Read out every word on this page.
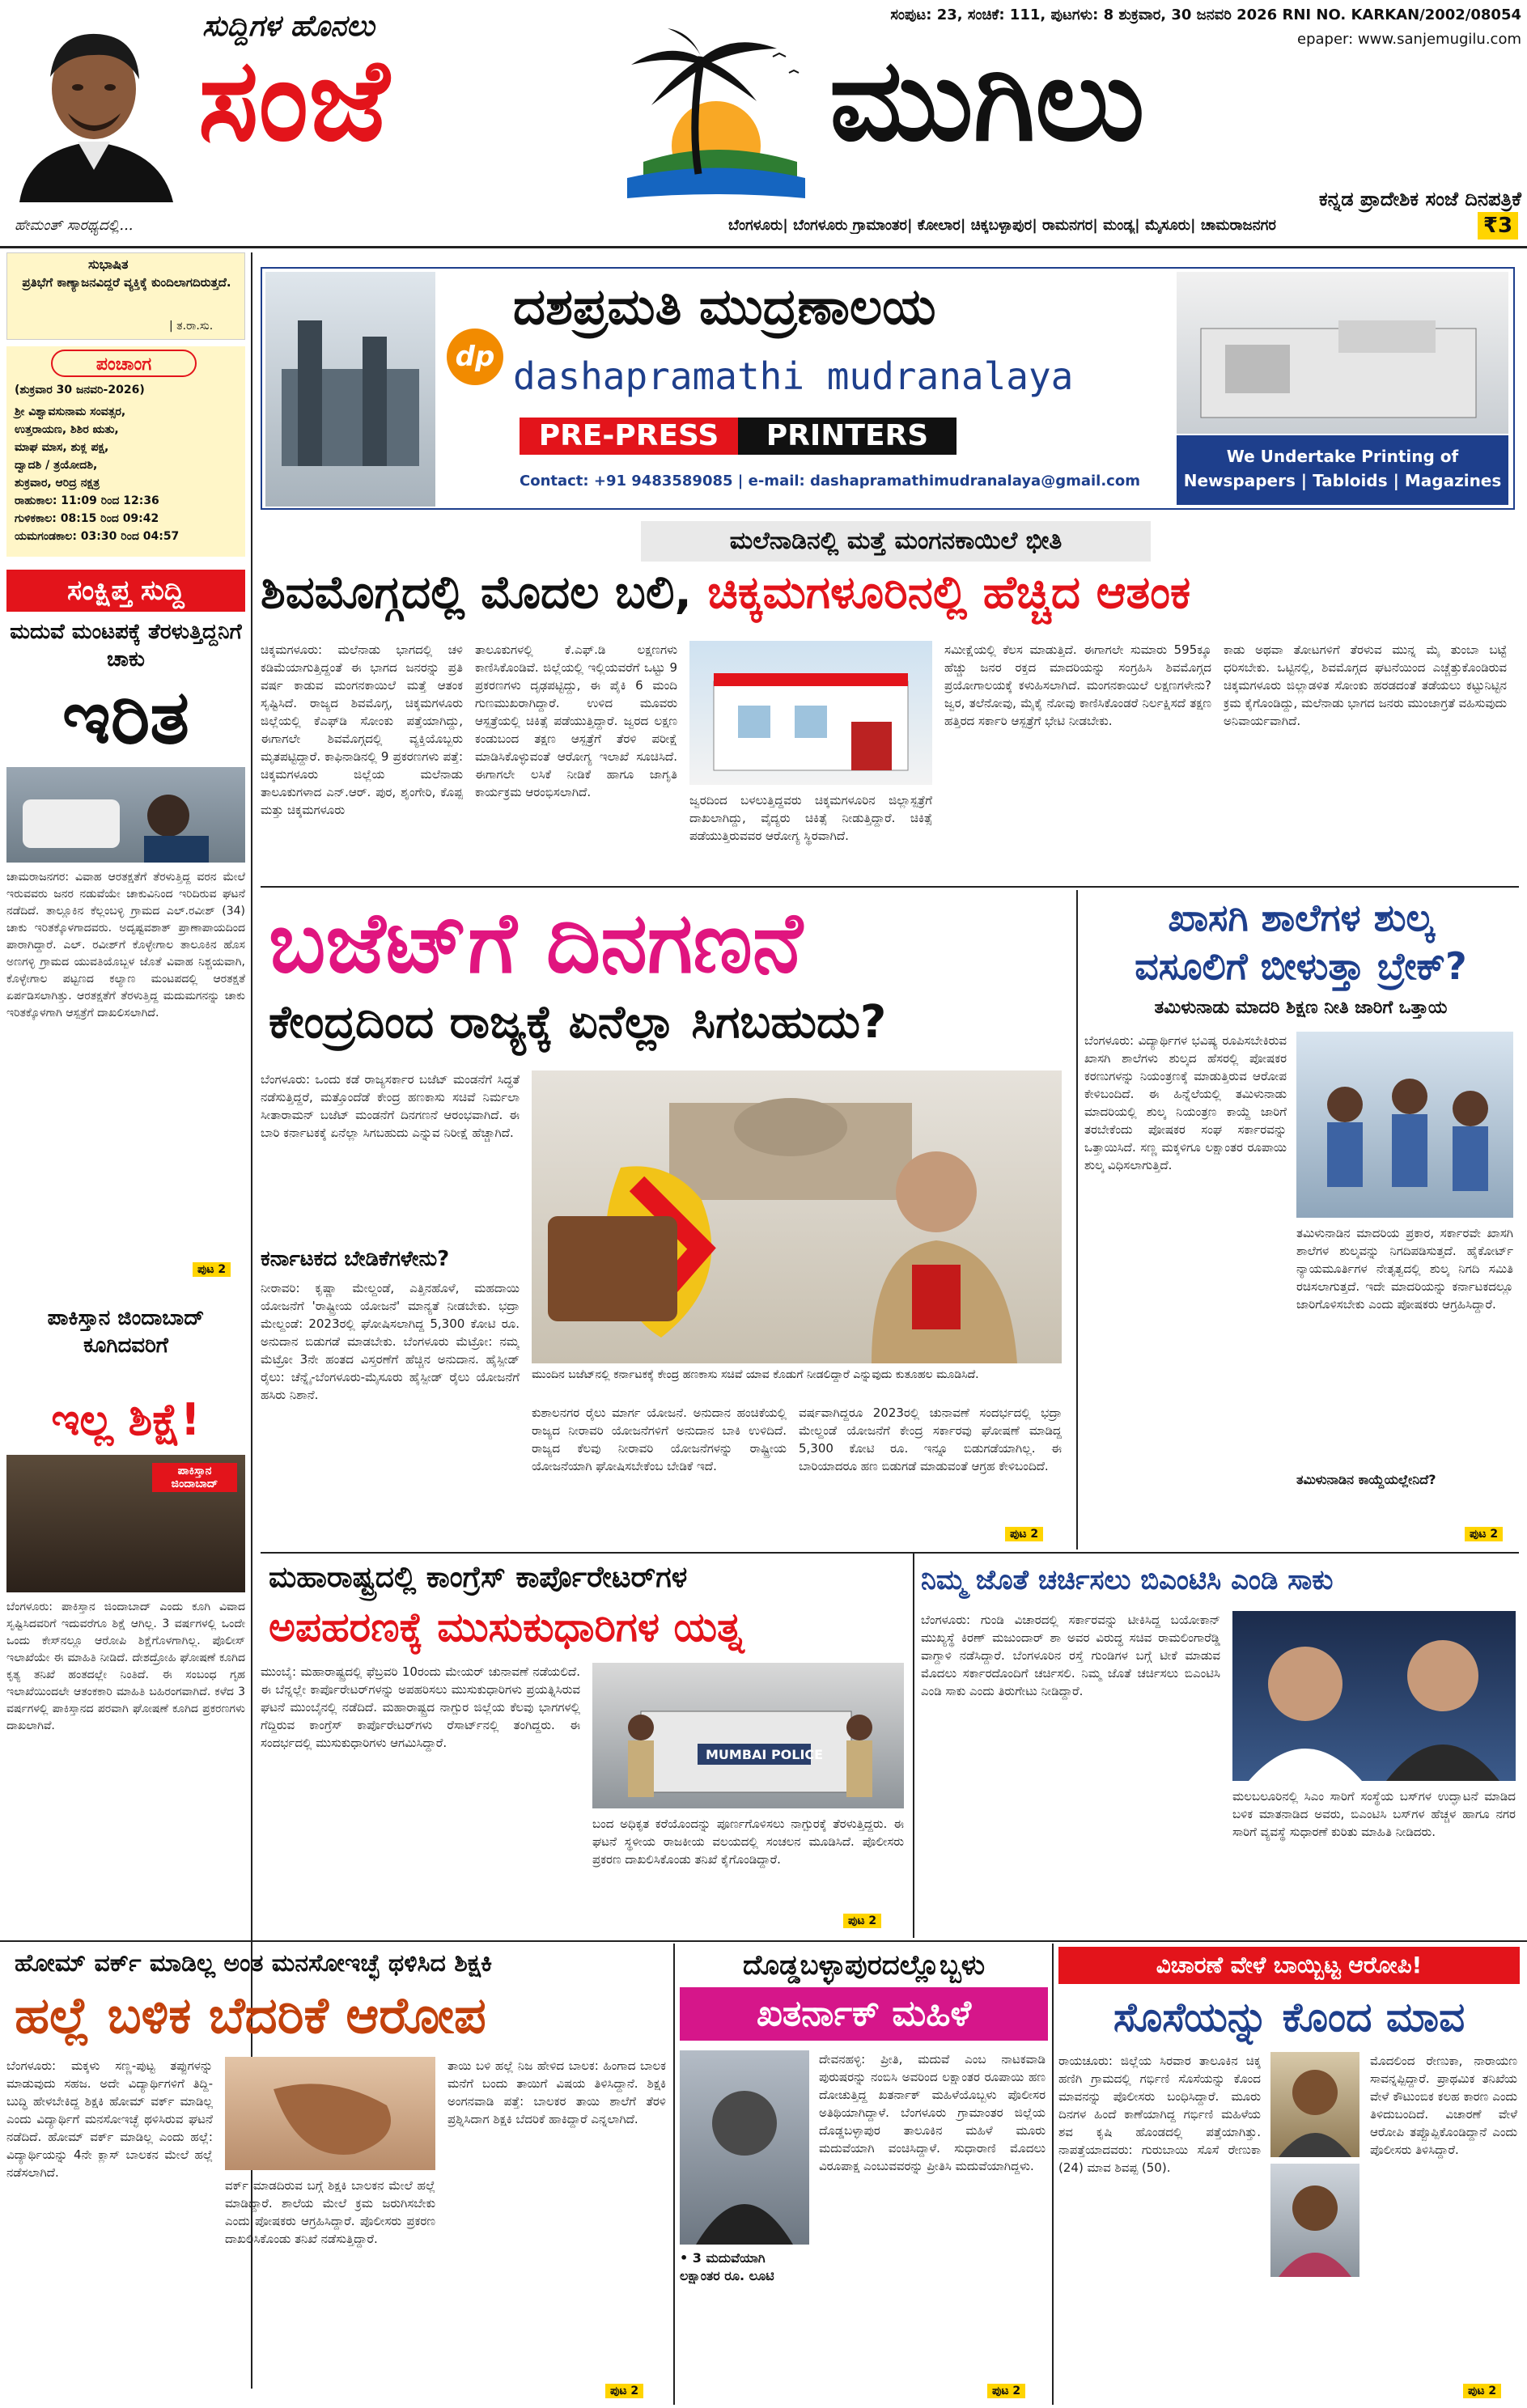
ಹೇಮಂತ್ ಸಾರಥ್ಯದಲ್ಲಿ...
ಸುದ್ದಿಗಳ ಹೊನಲು
ಸಂಜೆ	ಮುಗಿಲು
ಸಂಪುಟ: 23, ಸಂಚಿಕೆ: 111, ಪುಟಗಳು: 8 ಶುಕ್ರವಾರ, 30 ಜನವರಿ 2026 RNI NO. KARKAN/2002/08054
epaper: www.sanjemugilu.com
ಕನ್ನಡ ಪ್ರಾದೇಶಿಕ ಸಂಜೆ ದಿನಪತ್ರಿಕೆ
ಬೆಂಗಳೂರು| ಬೆಂಗಳೂರು ಗ್ರಾಮಾಂತರ| ಕೋಲಾರ| ಚಿಕ್ಕಬಳ್ಳಾಪುರ| ರಾಮನಗರ| ಮಂಡ್ಯ| ಮೈಸೂರು| ಚಾಮರಾಜನಗರ	₹3
ಸುಭಾಷಿತ
ಪ್ರತಿಭೆಗೆ ಕಾಣ್ಯಾಜನವಿದ್ದರೆ ವ್ಯಕ್ತಿಕ್ಕೆ ಕುಂದಿಲಾಗದಿರುತ್ತದೆ.
| ತ.ರಾ.ಸು.
ಪಂಚಾಂಗ
(ಶುಕ್ರವಾರ 30 ಜನವರಿ-2026)
ಶ್ರೀ ವಿಶ್ವಾವಸುನಾಮ ಸಂವತ್ಸರ,
ಉತ್ತರಾಯಣ, ಶಿಶಿರ ಋತು,
ಮಾಘ ಮಾಸ, ಶುಕ್ಲ ಪಕ್ಷ,
ದ್ವಾದಶಿ / ತ್ರಯೋದಶಿ,
ಶುಕ್ರವಾರ, ಆರಿದ್ರ ನಕ್ಷತ್ರ
ರಾಹುಕಾಲ: 11:09 ರಿಂದ 12:36
ಗುಳಿಕಕಾಲ: 08:15 ರಿಂದ 09:42
ಯಮಗಂಡಕಾಲ: 03:30 ರಿಂದ 04:57
ಸಂಕ್ಷಿಪ್ತ ಸುದ್ದಿ
ಮದುವೆ ಮಂಟಪಕ್ಕೆ ತೆರಳುತ್ತಿದ್ದನಿಗೆ ಚಾಕು
ಇರಿತ
ಚಾಮರಾಜನಗರ: ವಿವಾಹ ಆರತಕ್ಷತೆಗೆ ತೆರಳುತ್ತಿದ್ದ ವರನ ಮೇಲೆ ಇರುವವರು ಜನರ ನಡುವೆಯೇ ಚಾಕುವಿನಿಂದ ಇರಿದಿರುವ ಘಟನೆ ನಡೆದಿದೆ. ತಾಲ್ಲೂಕಿನ ಕೆಲ್ಲಂಬಳ್ಳಿ ಗ್ರಾಮದ ಎಲ್.ರವೀಶ್ (34) ಚಾಕು ಇರಿತಕ್ಕೊಳಗಾದವರು. ಅದೃಷ್ಟವಶಾತ್ ಪ್ರಾಣಾಪಾಯದಿಂದ ಪಾರಾಗಿದ್ದಾರೆ. ಎಲ್. ರವೀಶ್‌ಗೆ ಕೊಳ್ಳೇಗಾಲ ತಾಲೂಕಿನ ಹೊಸ ಅಣಗಳ್ಳಿ ಗ್ರಾಮದ ಯುವತಿಯೊಬ್ಬಳ ಜೊತೆ ವಿವಾಹ ನಿಶ್ಚಯವಾಗಿ, ಕೊಳ್ಳೇಗಾಲ ಪಟ್ಟಣದ ಕಲ್ಯಾಣ ಮಂಟಪದಲ್ಲಿ ಆರತಕ್ಷತೆ ಏರ್ಪಡಿಸಲಾಗಿತ್ತು. ಆರತಕ್ಷತೆಗೆ ತೆರಳುತ್ತಿದ್ದ ಮದುಮಗನನ್ನು ಚಾಕು ಇರಿತಕ್ಕೊಳಗಾಗಿ ಆಸ್ಪತ್ರೆಗೆ ದಾಖಲಿಸಲಾಗಿದೆ.
ಪಾಕಿಸ್ತಾನ ಜಿಂದಾಬಾದ್ ಕೂಗಿದವರಿಗೆ
ಇಲ್ಲ ಶಿಕ್ಷೆ!
ಪಾಕಿಸ್ತಾನ ಜಿಂದಾಬಾದ್
ಬೆಂಗಳೂರು: ಪಾಕಿಸ್ತಾನ ಜಿಂದಾಬಾದ್ ಎಂದು ಕೂಗಿ ವಿವಾದ ಸೃಷ್ಟಿಸಿದವರಿಗೆ ಇದುವರೆಗೂ ಶಿಕ್ಷೆ ಆಗಿಲ್ಲ. 3 ವರ್ಷಗಳಲ್ಲಿ ಒಂದೇ ಒಂದು ಕೇಸ್‌ನಲ್ಲೂ ಆರೋಪಿ ಶಿಕ್ಷೆಗೊಳಗಾಗಿಲ್ಲ. ಪೊಲೀಸ್ ಇಲಾಖೆಯೇ ಈ ಮಾಹಿತಿ ನೀಡಿದೆ. ದೇಶದ್ರೋಹಿ ಘೋಷಣೆ ಕೂಗಿದ ಕೃತ್ಯ ತನಿಖೆ ಹಂತದಲ್ಲೇ ನಿಂತಿದೆ. ಈ ಸಂಬಂಧ ಗೃಹ ಇಲಾಖೆಯಿಂದಲೇ ಆತಂಕಕಾರಿ ಮಾಹಿತಿ ಬಹಿರಂಗವಾಗಿದೆ. ಕಳೆದ 3 ವರ್ಷಗಳಲ್ಲಿ ಪಾಕಿಸ್ತಾನದ ಪರವಾಗಿ ಘೋಷಣೆ ಕೂಗಿದ ಪ್ರಕರಣಗಳು ದಾಖಲಾಗಿವೆ.
ಪುಟ 2
dp
ದಶಪ್ರಮತಿ ಮುದ್ರಣಾಲಯ
dashapramathi mudranalaya
PRE-PRESS	PRINTERS
Contact: +91 9483589085 | e-mail: dashapramathimudranalaya@gmail.com
We Undertake Printing of
Newspapers | Tabloids | Magazines
ಮಲೆನಾಡಿನಲ್ಲಿ ಮತ್ತೆ ಮಂಗನಕಾಯಿಲೆ ಭೀತಿ
ಶಿವಮೊಗ್ಗದಲ್ಲಿ ಮೊದಲ ಬಲಿ, ಚಿಕ್ಕಮಗಳೂರಿನಲ್ಲಿ ಹೆಚ್ಚಿದ ಆತಂಕ
ಚಿಕ್ಕಮಗಳೂರು: ಮಲೆನಾಡು ಭಾಗದಲ್ಲಿ ಚಳಿ ಕಡಿಮೆಯಾಗುತ್ತಿದ್ದಂತೆ ಈ ಭಾಗದ ಜನರನ್ನು ಪ್ರತಿ ವರ್ಷ ಕಾಡುವ ಮಂಗನಕಾಯಿಲೆ ಮತ್ತೆ ಆತಂಕ ಸೃಷ್ಟಿಸಿದೆ. ರಾಜ್ಯದ ಶಿವಮೊಗ್ಗ, ಚಿಕ್ಕಮಗಳೂರು ಜಿಲ್ಲೆಯಲ್ಲಿ ಕೆಎಫ್‌ಡಿ ಸೋಂಕು ಪತ್ತೆಯಾಗಿದ್ದು, ಈಗಾಗಲೇ ಶಿವಮೊಗ್ಗದಲ್ಲಿ ವ್ಯಕ್ತಿಯೊಬ್ಬರು ಮೃತಪಟ್ಟಿದ್ದಾರೆ. ಕಾಫಿನಾಡಿನಲ್ಲಿ 9 ಪ್ರಕರಣಗಳು ಪತ್ತೆ: ಚಿಕ್ಕಮಗಳೂರು ಜಿಲ್ಲೆಯ ಮಲೆನಾಡು ತಾಲೂಕುಗಳಾದ ಎನ್.ಆರ್. ಪುರ, ಶೃಂಗೇರಿ, ಕೊಪ್ಪ ಮತ್ತು ಚಿಕ್ಕಮಗಳೂರು
ತಾಲೂಕುಗಳಲ್ಲಿ ಕೆ.ಎಫ್.ಡಿ ಲಕ್ಷಣಗಳು ಕಾಣಿಸಿಕೊಂಡಿವೆ. ಜಿಲ್ಲೆಯಲ್ಲಿ ಇಲ್ಲಿಯವರೆಗೆ ಒಟ್ಟು 9 ಪ್ರಕರಣಗಳು ದೃಢಪಟ್ಟಿದ್ದು, ಈ ಪೈಕಿ 6 ಮಂದಿ ಗುಣಮುಖರಾಗಿದ್ದಾರೆ. ಉಳಿದ ಮೂವರು ಆಸ್ಪತ್ರೆಯಲ್ಲಿ ಚಿಕಿತ್ಸೆ ಪಡೆಯುತ್ತಿದ್ದಾರೆ. ಜ್ವರದ ಲಕ್ಷಣ ಕಂಡುಬಂದ ತಕ್ಷಣ ಆಸ್ಪತ್ರೆಗೆ ತೆರಳಿ ಪರೀಕ್ಷೆ ಮಾಡಿಸಿಕೊಳ್ಳುವಂತೆ ಆರೋಗ್ಯ ಇಲಾಖೆ ಸೂಚಿಸಿದೆ. ಈಗಾಗಲೇ ಲಸಿಕೆ ನೀಡಿಕೆ ಹಾಗೂ ಜಾಗೃತಿ ಕಾರ್ಯಕ್ರಮ ಆರಂಭಿಸಲಾಗಿದೆ.
ಜ್ವರದಿಂದ ಬಳಲುತ್ತಿದ್ದವರು ಚಿಕ್ಕಮಗಳೂರಿನ ಜಿಲ್ಲಾಸ್ಪತ್ರೆಗೆ ದಾಖಲಾಗಿದ್ದು, ವೈದ್ಯರು ಚಿಕಿತ್ಸೆ ನೀಡುತ್ತಿದ್ದಾರೆ. ಚಿಕಿತ್ಸೆ ಪಡೆಯುತ್ತಿರುವವರ ಆರೋಗ್ಯ ಸ್ಥಿರವಾಗಿದೆ.
ಸಮೀಕ್ಷೆಯಲ್ಲಿ ಕೆಲಸ ಮಾಡುತ್ತಿದೆ. ಈಗಾಗಲೇ ಸುಮಾರು 595ಕ್ಕೂ ಹೆಚ್ಚು ಜನರ ರಕ್ತದ ಮಾದರಿಯನ್ನು ಸಂಗ್ರಹಿಸಿ ಶಿವಮೊಗ್ಗದ ಪ್ರಯೋಗಾಲಯಕ್ಕೆ ಕಳುಹಿಸಲಾಗಿದೆ. ಮಂಗನಕಾಯಿಲೆ ಲಕ್ಷಣಗಳೇನು? ಜ್ವರ, ತಲೆನೋವು, ಮೈಕೈ ನೋವು ಕಾಣಿಸಿಕೊಂಡರೆ ನಿರ್ಲಕ್ಷಿಸದೆ ತಕ್ಷಣ ಹತ್ತಿರದ ಸರ್ಕಾರಿ ಆಸ್ಪತ್ರೆಗೆ ಭೇಟಿ ನೀಡಬೇಕು.
ಕಾಡು ಅಥವಾ ತೋಟಗಳಿಗೆ ತೆರಳುವ ಮುನ್ನ ಮೈ ತುಂಬಾ ಬಟ್ಟೆ ಧರಿಸಬೇಕು. ಒಟ್ಟಿನಲ್ಲಿ, ಶಿವಮೊಗ್ಗದ ಘಟನೆಯಿಂದ ಎಚ್ಚೆತ್ತುಕೊಂಡಿರುವ ಚಿಕ್ಕಮಗಳೂರು ಜಿಲ್ಲಾಡಳಿತ ಸೋಂಕು ಹರಡದಂತೆ ತಡೆಯಲು ಕಟ್ಟುನಿಟ್ಟಿನ ಕ್ರಮ ಕೈಗೊಂಡಿದ್ದು, ಮಲೆನಾಡು ಭಾಗದ ಜನರು ಮುಂಜಾಗ್ರತೆ ವಹಿಸುವುದು ಅನಿವಾರ್ಯವಾಗಿದೆ.
ಬಜೆಟ್‌ಗೆ ದಿನಗಣನೆ
ಕೇಂದ್ರದಿಂದ ರಾಜ್ಯಕ್ಕೆ ಏನೆಲ್ಲಾ ಸಿಗಬಹುದು?
ಬೆಂಗಳೂರು: ಒಂದು ಕಡೆ ರಾಜ್ಯಸರ್ಕಾರ ಬಜೆಟ್ ಮಂಡನೆಗೆ ಸಿದ್ಧತೆ ನಡೆಸುತ್ತಿದ್ದರೆ, ಮತ್ತೊಂದೆಡೆ ಕೇಂದ್ರ ಹಣಕಾಸು ಸಚಿವೆ ನಿರ್ಮಲಾ ಸೀತಾರಾಮನ್ ಬಜೆಟ್ ಮಂಡನೆಗೆ ದಿನಗಣನೆ ಆರಂಭವಾಗಿದೆ. ಈ ಬಾರಿ ಕರ್ನಾಟಕಕ್ಕೆ ಏನೆಲ್ಲಾ ಸಿಗಬಹುದು ಎನ್ನುವ ನಿರೀಕ್ಷೆ ಹೆಚ್ಚಾಗಿದೆ.
ಕರ್ನಾಟಕದ ಬೇಡಿಕೆಗಳೇನು?
ನೀರಾವರಿ: ಕೃಷ್ಣಾ ಮೇಲ್ದಂಡೆ, ಎತ್ತಿನಹೊಳೆ, ಮಹದಾಯಿ ಯೋಜನೆಗೆ 'ರಾಷ್ಟ್ರೀಯ ಯೋಜನೆ' ಮಾನ್ಯತೆ ನೀಡಬೇಕು. ಭದ್ರಾ ಮೇಲ್ದಂಡೆ: 2023ರಲ್ಲಿ ಘೋಷಿಸಲಾಗಿದ್ದ 5,300 ಕೋಟಿ ರೂ. ಅನುದಾನ ಬಿಡುಗಡೆ ಮಾಡಬೇಕು. ಬೆಂಗಳೂರು ಮೆಟ್ರೋ: ನಮ್ಮ ಮೆಟ್ರೋ 3ನೇ ಹಂತದ ವಿಸ್ತರಣೆಗೆ ಹೆಚ್ಚಿನ ಅನುದಾನ. ಹೈಸ್ಪೀಡ್ ರೈಲು: ಚೆನ್ನೈ-ಬೆಂಗಳೂರು-ಮೈಸೂರು ಹೈಸ್ಪೀಡ್ ರೈಲು ಯೋಜನೆಗೆ ಹಸಿರು ನಿಶಾನೆ.
ಮುಂದಿನ ಬಜೆಟ್‌ನಲ್ಲಿ ಕರ್ನಾಟಕಕ್ಕೆ ಕೇಂದ್ರ ಹಣಕಾಸು ಸಚಿವೆ ಯಾವ ಕೊಡುಗೆ ನೀಡಲಿದ್ದಾರೆ ಎನ್ನುವುದು ಕುತೂಹಲ ಮೂಡಿಸಿದೆ.
ಕುಶಾಲನಗರ ರೈಲು ಮಾರ್ಗ ಯೋಜನೆ. ಅನುದಾನ ಹಂಚಿಕೆಯಲ್ಲಿ ರಾಜ್ಯದ ನೀರಾವರಿ ಯೋಜನೆಗಳಿಗೆ ಅನುದಾನ ಬಾಕಿ ಉಳಿದಿದೆ. ರಾಜ್ಯದ ಕೆಲವು ನೀರಾವರಿ ಯೋಜನೆಗಳನ್ನು ರಾಷ್ಟ್ರೀಯ ಯೋಜನೆಯಾಗಿ ಘೋಷಿಸಬೇಕೆಂಬ ಬೇಡಿಕೆ ಇದೆ.
ವರ್ಷವಾಗಿದ್ದರೂ 2023ರಲ್ಲಿ ಚುನಾವಣೆ ಸಂದರ್ಭದಲ್ಲಿ ಭದ್ರಾ ಮೇಲ್ದಂಡೆ ಯೋಜನೆಗೆ ಕೇಂದ್ರ ಸರ್ಕಾರವು ಘೋಷಣೆ ಮಾಡಿದ್ದ 5,300 ಕೋಟಿ ರೂ. ಇನ್ನೂ ಬಿಡುಗಡೆಯಾಗಿಲ್ಲ. ಈ ಬಾರಿಯಾದರೂ ಹಣ ಬಿಡುಗಡೆ ಮಾಡುವಂತೆ ಆಗ್ರಹ ಕೇಳಿಬಂದಿದೆ.
ಪುಟ 2
ಖಾಸಗಿ ಶಾಲೆಗಳ ಶುಲ್ಕ
ವಸೂಲಿಗೆ ಬೀಳುತ್ತಾ ಬ್ರೇಕ್?
ತಮಿಳುನಾಡು ಮಾದರಿ ಶಿಕ್ಷಣ ನೀತಿ ಜಾರಿಗೆ ಒತ್ತಾಯ
ಬೆಂಗಳೂರು: ವಿದ್ಯಾರ್ಥಿಗಳ ಭವಿಷ್ಯ ರೂಪಿಸಬೇಕಿರುವ ಖಾಸಗಿ ಶಾಲೆಗಳು ಶುಲ್ಕದ ಹೆಸರಲ್ಲಿ ಪೋಷಕರ ಕರಣುಗಳನ್ನು ನಿಯಂತ್ರಣಕ್ಕೆ ಮಾಡುತ್ತಿರುವ ಆರೋಪ ಕೇಳಿಬಂದಿದೆ. ಈ ಹಿನ್ನೆಲೆಯಲ್ಲಿ ತಮಿಳುನಾಡು ಮಾದರಿಯಲ್ಲಿ ಶುಲ್ಕ ನಿಯಂತ್ರಣ ಕಾಯ್ದೆ ಜಾರಿಗೆ ತರಬೇಕೆಂದು ಪೋಷಕರ ಸಂಘ ಸರ್ಕಾರವನ್ನು ಒತ್ತಾಯಿಸಿದೆ. ಸಣ್ಣ ಮಕ್ಕಳಿಗೂ ಲಕ್ಷಾಂತರ ರೂಪಾಯಿ ಶುಲ್ಕ ವಿಧಿಸಲಾಗುತ್ತಿದೆ.
ತಮಿಳುನಾಡಿನ ಮಾದರಿಯ ಪ್ರಕಾರ, ಸರ್ಕಾರವೇ ಖಾಸಗಿ ಶಾಲೆಗಳ ಶುಲ್ಕವನ್ನು ನಿಗದಿಪಡಿಸುತ್ತದೆ. ಹೈಕೋರ್ಟ್ ನ್ಯಾಯಮೂರ್ತಿಗಳ ನೇತೃತ್ವದಲ್ಲಿ ಶುಲ್ಕ ನಿಗದಿ ಸಮಿತಿ ರಚಿಸಲಾಗುತ್ತದೆ. ಇದೇ ಮಾದರಿಯನ್ನು ಕರ್ನಾಟಕದಲ್ಲೂ ಜಾರಿಗೊಳಿಸಬೇಕು ಎಂದು ಪೋಷಕರು ಆಗ್ರಹಿಸಿದ್ದಾರೆ.
ತಮಿಳುನಾಡಿನ ಕಾಯ್ದೆಯಲ್ಲೇನಿದೆ?
ಪುಟ 2
ಮಹಾರಾಷ್ಟ್ರದಲ್ಲಿ ಕಾಂಗ್ರೆಸ್ ಕಾರ್ಪೊರೇಟರ್‌ಗಳ
ಅಪಹರಣಕ್ಕೆ ಮುಸುಕುಧಾರಿಗಳ ಯತ್ನ
ಮುಂಬೈ: ಮಹಾರಾಷ್ಟ್ರದಲ್ಲಿ ಫೆಬ್ರವರಿ 10ರಂದು ಮೇಯರ್ ಚುನಾವಣೆ ನಡೆಯಲಿದೆ. ಈ ಬೆನ್ನಲ್ಲೇ ಕಾರ್ಪೊರೇಟರ್‌ಗಳನ್ನು ಅಪಹರಿಸಲು ಮುಸುಕುಧಾರಿಗಳು ಪ್ರಯತ್ನಿಸಿರುವ ಘಟನೆ ಮುಂಬೈನಲ್ಲಿ ನಡೆದಿದೆ. ಮಹಾರಾಷ್ಟ್ರದ ನಾಗ್ಪುರ ಜಿಲ್ಲೆಯ ಕೆಲವು ಭಾಗಗಳಲ್ಲಿ ಗೆದ್ದಿರುವ ಕಾಂಗ್ರೆಸ್ ಕಾರ್ಪೊರೇಟರ್‌ಗಳು ರೆಸಾರ್ಟ್‌ನಲ್ಲಿ ತಂಗಿದ್ದರು. ಈ ಸಂದರ್ಭದಲ್ಲಿ ಮುಸುಕುಧಾರಿಗಳು ಆಗಮಿಸಿದ್ದಾರೆ.
MUMBAI POLICE
ಬಂದ ಅಧಿಕೃತ ಕರೆಯೊಂದನ್ನು ಪೂರ್ಣಗೊಳಿಸಲು ನಾಗ್ಪುರಕ್ಕೆ ತೆರಳುತ್ತಿದ್ದರು. ಈ ಘಟನೆ ಸ್ಥಳೀಯ ರಾಜಕೀಯ ವಲಯದಲ್ಲಿ ಸಂಚಲನ ಮೂಡಿಸಿದೆ. ಪೊಲೀಸರು ಪ್ರಕರಣ ದಾಖಲಿಸಿಕೊಂಡು ತನಿಖೆ ಕೈಗೊಂಡಿದ್ದಾರೆ.
ಪುಟ 2
ನಿಮ್ಮ ಜೊತೆ ಚರ್ಚಿಸಲು ಬಿಎಂಟಿಸಿ ಎಂಡಿ ಸಾಕು
ಬೆಂಗಳೂರು: ಗುಂಡಿ ವಿಚಾರದಲ್ಲಿ ಸರ್ಕಾರವನ್ನು ಟೀಕಿಸಿದ್ದ ಬಯೋಕಾನ್ ಮುಖ್ಯಸ್ಥೆ ಕಿರಣ್ ಮಜುಂದಾರ್ ಶಾ ಅವರ ವಿರುದ್ಧ ಸಚಿವ ರಾಮಲಿಂಗಾರೆಡ್ಡಿ ವಾಗ್ದಾಳಿ ನಡೆಸಿದ್ದಾರೆ. ಬೆಂಗಳೂರಿನ ರಸ್ತೆ ಗುಂಡಿಗಳ ಬಗ್ಗೆ ಟೀಕೆ ಮಾಡುವ ಮೊದಲು ಸರ್ಕಾರದೊಂದಿಗೆ ಚರ್ಚಿಸಲಿ. ನಿಮ್ಮ ಜೊತೆ ಚರ್ಚಿಸಲು ಬಿಎಂಟಿಸಿ ಎಂಡಿ ಸಾಕು ಎಂದು ತಿರುಗೇಟು ನೀಡಿದ್ದಾರೆ.
ಮಲಬಲೂರಿನಲ್ಲಿ ಸಿಎಂ ಸಾರಿಗೆ ಸಂಸ್ಥೆಯ ಬಸ್‌ಗಳ ಉದ್ಘಾಟನೆ ಮಾಡಿದ ಬಳಿಕ ಮಾತನಾಡಿದ ಅವರು, ಬಿಎಂಟಿಸಿ ಬಸ್‌ಗಳ ಹೆಚ್ಚಳ ಹಾಗೂ ನಗರ ಸಾರಿಗೆ ವ್ಯವಸ್ಥೆ ಸುಧಾರಣೆ ಕುರಿತು ಮಾಹಿತಿ ನೀಡಿದರು.
ಹೋಮ್ ವರ್ಕ್ ಮಾಡಿಲ್ಲ ಅಂತ ಮನಸೋಇಚ್ಛೆ ಥಳಿಸಿದ ಶಿಕ್ಷಕಿ
ಹಲ್ಲೆ ಬಳಿಕ ಬೆದರಿಕೆ ಆರೋಪ
ಬೆಂಗಳೂರು: ಮಕ್ಕಳು ಸಣ್ಣ-ಪುಟ್ಟ ತಪ್ಪುಗಳನ್ನು ಮಾಡುವುದು ಸಹಜ. ಅದೇ ವಿದ್ಯಾರ್ಥಿಗಳಿಗೆ ತಿದ್ದಿ-ಬುದ್ಧಿ ಹೇಳಬೇಕಿದ್ದ ಶಿಕ್ಷಕಿ ಹೋಮ್ ವರ್ಕ್ ಮಾಡಿಲ್ಲ ಎಂದು ವಿದ್ಯಾರ್ಥಿಗೆ ಮನಸೋಇಚ್ಛೆ ಥಳಿಸಿರುವ ಘಟನೆ ನಡೆದಿದೆ. ಹೋಮ್ ವರ್ಕ್ ಮಾಡಿಲ್ಲ ಎಂದು ಹಲ್ಲೆ: ವಿದ್ಯಾರ್ಥಿಯನ್ನು 4ನೇ ಕ್ಲಾಸ್ ಬಾಲಕನ ಮೇಲೆ ಹಲ್ಲೆ ನಡೆಸಲಾಗಿದೆ.
ವರ್ಕ್ ಮಾಡದಿರುವ ಬಗ್ಗೆ ಶಿಕ್ಷಕಿ ಬಾಲಕನ ಮೇಲೆ ಹಲ್ಲೆ ಮಾಡಿದ್ದಾರೆ. ಶಾಲೆಯ ಮೇಲೆ ಕ್ರಮ ಜರುಗಿಸಬೇಕು ಎಂದು ಪೋಷಕರು ಆಗ್ರಹಿಸಿದ್ದಾರೆ. ಪೊಲೀಸರು ಪ್ರಕರಣ ದಾಖಲಿಸಿಕೊಂಡು ತನಿಖೆ ನಡೆಸುತ್ತಿದ್ದಾರೆ.
ತಾಯಿ ಬಳಿ ಹಲ್ಲೆ ನಿಜ ಹೇಳಿದ ಬಾಲಕ: ಹಿಂಗಾದ ಬಾಲಕ ಮನೆಗೆ ಬಂದು ತಾಯಿಗೆ ವಿಷಯ ತಿಳಿಸಿದ್ದಾನೆ. ಶಿಕ್ಷಕಿ ಅಂಗನವಾಡಿ ಪತ್ತೆ: ಬಾಲಕರ ತಾಯಿ ಶಾಲೆಗೆ ತೆರಳಿ ಪ್ರಶ್ನಿಸಿದಾಗ ಶಿಕ್ಷಕಿ ಬೆದರಿಕೆ ಹಾಕಿದ್ದಾರೆ ಎನ್ನಲಾಗಿದೆ.
ಪುಟ 2
ದೊಡ್ಡಬಳ್ಳಾಪುರದಲ್ಲೊಬ್ಬಳು
ಖತರ್ನಾಕ್ ಮಹಿಳೆ
• 3 ಮದುವೆಯಾಗಿ ಲಕ್ಷಾಂತರ ರೂ. ಲೂಟಿ
ದೇವನಹಳ್ಳಿ: ಪ್ರೀತಿ, ಮದುವೆ ಎಂಬ ನಾಟಕವಾಡಿ ಪುರುಷರನ್ನು ನಂಬಿಸಿ ಅವರಿಂದ ಲಕ್ಷಾಂತರ ರೂಪಾಯಿ ಹಣ ದೋಚುತ್ತಿದ್ದ ಖತರ್ನಾಕ್ ಮಹಿಳೆಯೊಬ್ಬಳು ಪೊಲೀಸರ ಅತಿಥಿಯಾಗಿದ್ದಾಳೆ. ಬೆಂಗಳೂರು ಗ್ರಾಮಾಂತರ ಜಿಲ್ಲೆಯ ದೊಡ್ಡಬಳ್ಳಾಪುರ ತಾಲೂಕಿನ ಮಹಿಳೆ ಮೂರು ಮದುವೆಯಾಗಿ ವಂಚಿಸಿದ್ದಾಳೆ. ಸುಧಾರಾಣಿ ಮೊದಲು ವಿರೂಪಾಕ್ಷ ಎಂಬುವವರನ್ನು ಪ್ರೀತಿಸಿ ಮದುವೆಯಾಗಿದ್ದಳು.
ಪುಟ 2
ವಿಚಾರಣೆ ವೇಳೆ ಬಾಯ್ಬಿಟ್ಟ ಆರೋಪಿ!
ಸೊಸೆಯನ್ನು ಕೊಂದ ಮಾವ
ರಾಯಚೂರು: ಜಿಲ್ಲೆಯ ಸಿರವಾರ ತಾಲೂಕಿನ ಚಿಕ್ಕ ಹಣಿಗಿ ಗ್ರಾಮದಲ್ಲಿ ಗರ್ಭಿಣಿ ಸೊಸೆಯನ್ನು ಕೊಂದ ಮಾವನನ್ನು ಪೊಲೀಸರು ಬಂಧಿಸಿದ್ದಾರೆ. ಮೂರು ದಿನಗಳ ಹಿಂದೆ ಕಾಣೆಯಾಗಿದ್ದ ಗರ್ಭಿಣಿ ಮಹಿಳೆಯ ಶವ ಕೃಷಿ ಹೊಂಡದಲ್ಲಿ ಪತ್ತೆಯಾಗಿತ್ತು. ನಾಪತ್ತೆಯಾದವರು: ಗುರುಬಾಯಿ ಸೊಸೆ ರೇಣುಕಾ (24) ಮಾವ ಶಿವಪ್ಪ (50).
ಮೊದಲಿಂದ ರೇಣುಕಾ, ನಾರಾಯಣ ಸಾವನ್ನಪ್ಪಿದ್ದಾರೆ. ಪ್ರಾಥಮಿಕ ತನಿಖೆಯ ವೇಳೆ ಕೌಟುಂಬಿಕ ಕಲಹ ಕಾರಣ ಎಂದು ತಿಳಿದುಬಂದಿದೆ. ವಿಚಾರಣೆ ವೇಳೆ ಆರೋಪಿ ತಪ್ಪೊಪ್ಪಿಕೊಂಡಿದ್ದಾನೆ ಎಂದು ಪೊಲೀಸರು ತಿಳಿಸಿದ್ದಾರೆ.
ಪುಟ 2
